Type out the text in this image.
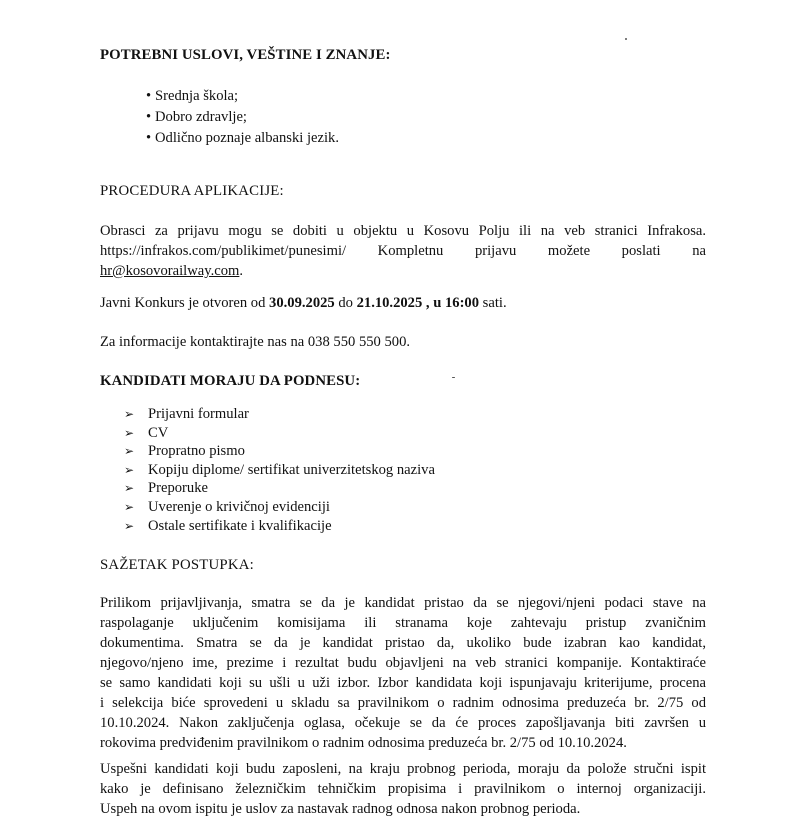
POTREBNI USLOVI, VEŠTINE I ZNANJE:
• Srednja škola;
• Dobro zdravlje;
• Odlično poznaje albanski jezik.
PROCEDURA APLIKACIJE:
Obrasci za prijavu mogu se dobiti u objektu u Kosovu Polju ili na veb stranici Infrakosa.
https://infrakos.com/publikimet/punesimi/ Kompletnu prijavu možete poslati na
hr@kosovorailway.com.
Javni Konkurs je otvoren od 30.09.2025 do 21.10.2025 , u 16:00 sati.
Za informacije kontaktirajte nas na 038 550 550 500.
KANDIDATI MORAJU DA PODNESU:
➢ Prijavni formular
➢ CV
➢ Propratno pismo
➢ Kopiju diplome/ sertifikat univerzitetskog naziva
➢ Preporuke
➢ Uverenje o krivičnoj evidenciji
➢ Ostale sertifikate i kvalifikacije
SAŽETAK POSTUPKA:
Prilikom prijavljivanja, smatra se da je kandidat pristao da se njegovi/njeni podaci stave na
raspolaganje uključenim komisijama ili stranama koje zahtevaju pristup zvaničnim
dokumentima. Smatra se da je kandidat pristao da, ukoliko bude izabran kao kandidat,
njegovo/njeno ime, prezime i rezultat budu objavljeni na veb stranici kompanije. Kontaktiraće
se samo kandidati koji su ušli u uži izbor. Izbor kandidata koji ispunjavaju kriterijume, procena
i selekcija biće sprovedeni u skladu sa pravilnikom o radnim odnosima preduzeća br. 2/75 od
10.10.2024. Nakon zaključenja oglasa, očekuje se da će proces zapošljavanja biti završen u
rokovima predviđenim pravilnikom o radnim odnosima preduzeća br. 2/75 od 10.10.2024.
Uspešni kandidati koji budu zaposleni, na kraju probnog perioda, moraju da polože stručni ispit
kako je definisano železničkim tehničkim propisima i pravilnikom o internoj organizaciji.
Uspeh na ovom ispitu je uslov za nastavak radnog odnosa nakon probnog perioda.
